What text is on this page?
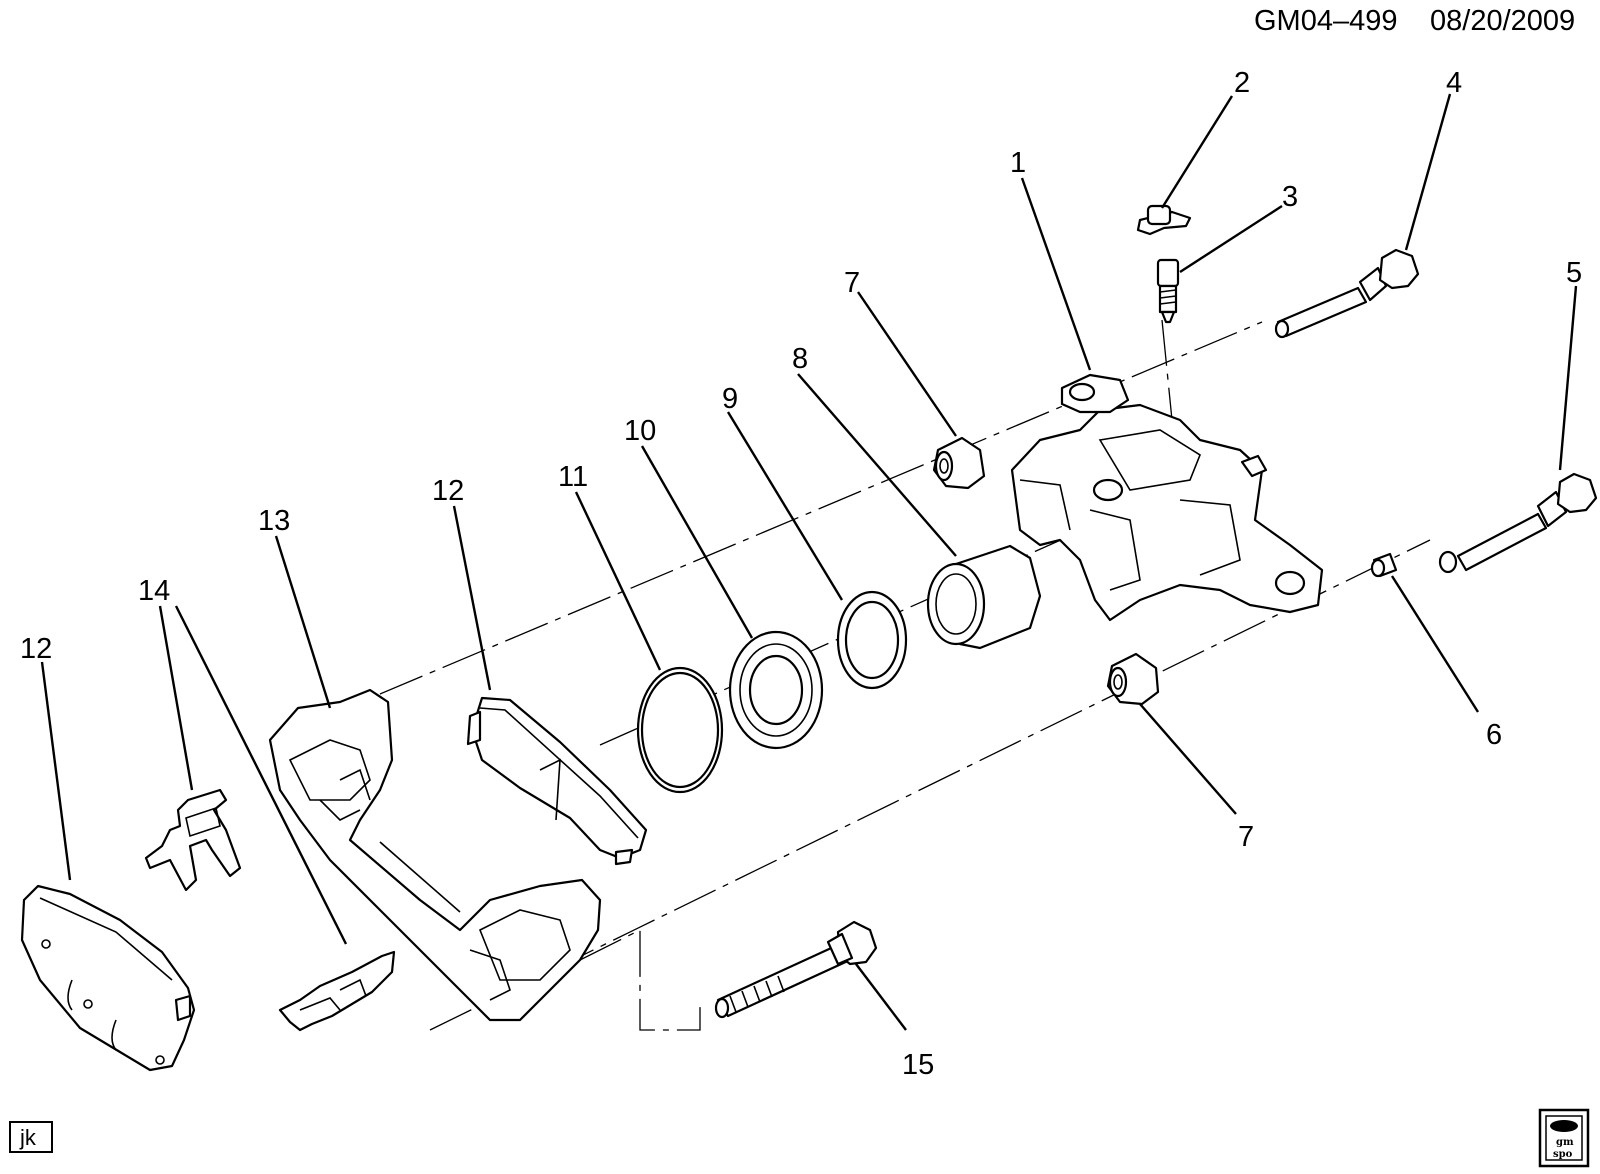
GM04–499 08/20/2009
1
2
3
4
5
6
7
7
8
9
10
11
12
12
13
14
15
jk	gm
spo
